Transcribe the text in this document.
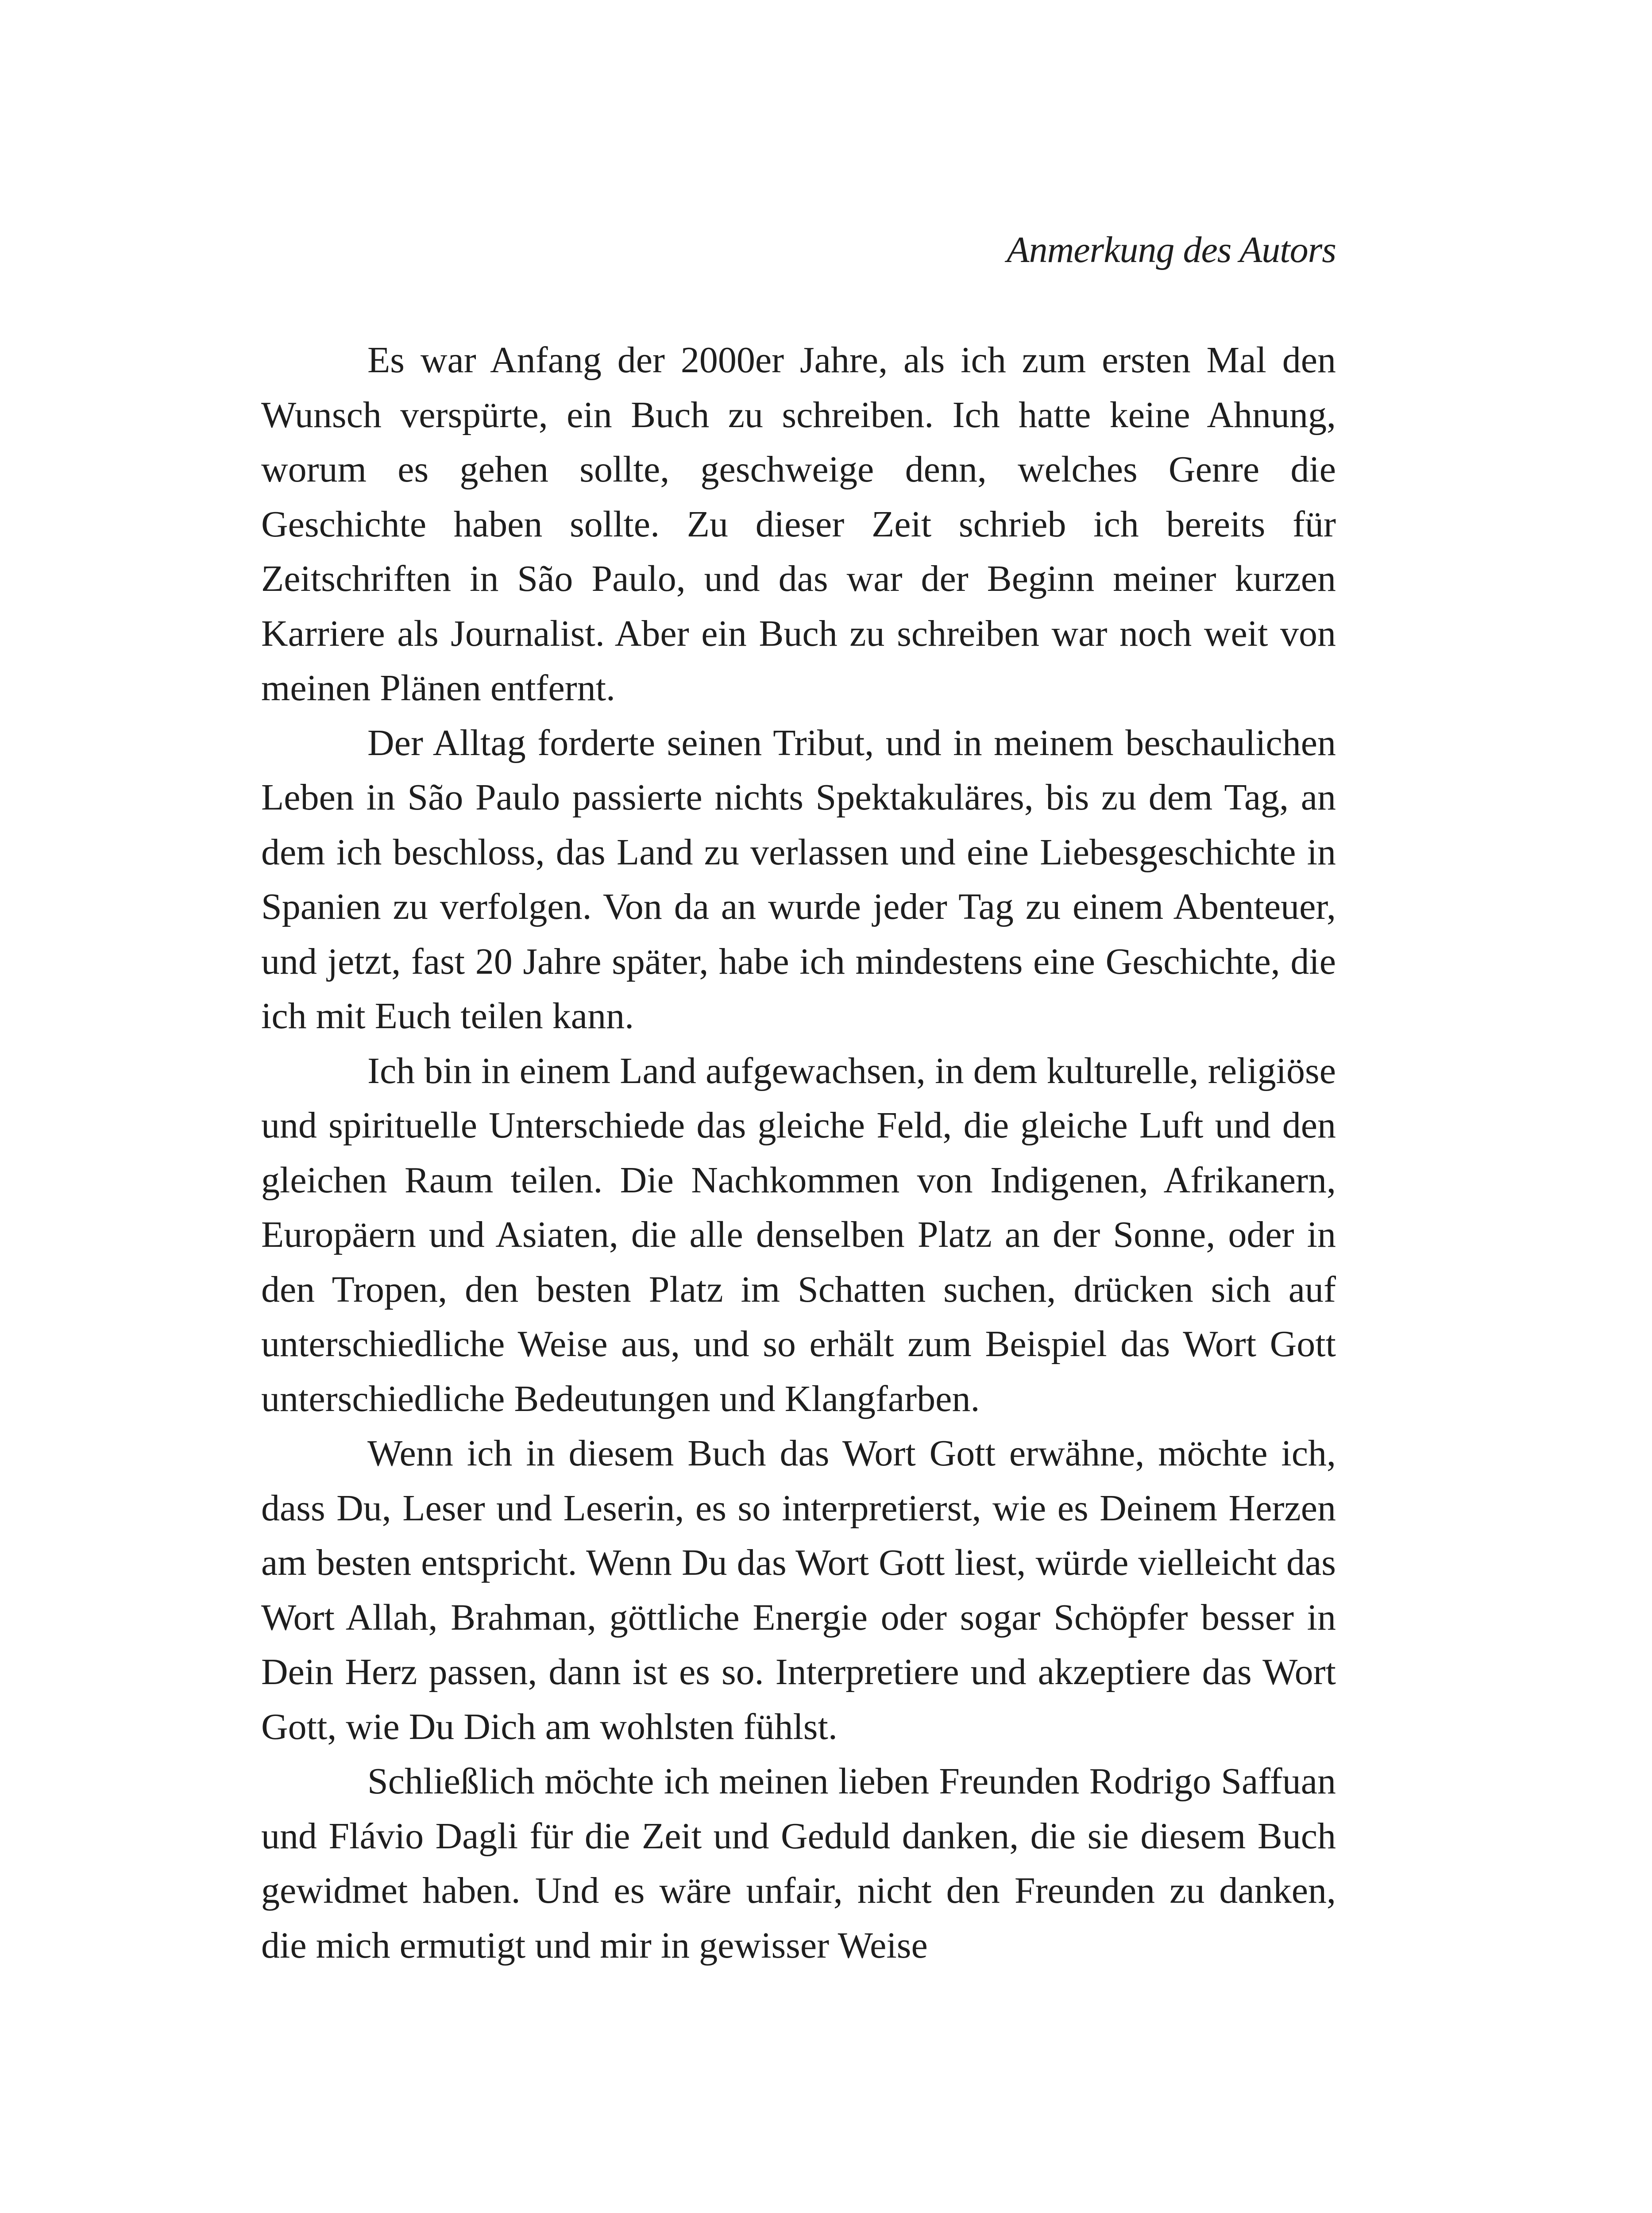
Anmerkung des Autors

Es war Anfang der 2000er Jahre, als ich zum ersten Mal den Wunsch verspürte, ein Buch zu schreiben. Ich hatte keine Ahnung, worum es gehen sollte, geschweige denn, welches Genre die Geschichte haben sollte. Zu dieser Zeit schrieb ich bereits für Zeitschriften in São Paulo, und das war der Beginn meiner kurzen Karriere als Journalist. Aber ein Buch zu schreiben war noch weit von meinen Plänen entfernt.

Der Alltag forderte seinen Tribut, und in meinem beschaulichen Leben in São Paulo passierte nichts Spektakuläres, bis zu dem Tag, an dem ich beschloss, das Land zu verlassen und eine Liebesgeschichte in Spanien zu verfolgen. Von da an wurde jeder Tag zu einem Abenteuer, und jetzt, fast 20 Jahre später, habe ich mindestens eine Geschichte, die ich mit Euch teilen kann.

Ich bin in einem Land aufgewachsen, in dem kulturelle, religiöse und spirituelle Unterschiede das gleiche Feld, die gleiche Luft und den gleichen Raum teilen. Die Nachkommen von Indigenen, Afrikanern, Europäern und Asiaten, die alle denselben Platz an der Sonne, oder in den Tropen, den besten Platz im Schatten suchen, drücken sich auf unterschiedliche Weise aus, und so erhält zum Beispiel das Wort Gott unterschiedliche Bedeutungen und Klangfarben.

Wenn ich in diesem Buch das Wort Gott erwähne, möchte ich, dass Du, Leser und Leserin, es so interpretierst, wie es Deinem Herzen am besten entspricht. Wenn Du das Wort Gott liest, würde vielleicht das Wort Allah, Brahman, göttliche Energie oder sogar Schöpfer besser in Dein Herz passen, dann ist es so. Interpretiere und akzeptiere das Wort Gott, wie Du Dich am wohlsten fühlst.

Schließlich möchte ich meinen lieben Freunden Rodrigo Saffuan und Flávio Dagli für die Zeit und Geduld danken, die sie diesem Buch gewidmet haben. Und es wäre unfair, nicht den Freunden zu danken, die mich ermutigt und mir in gewisser Weise
